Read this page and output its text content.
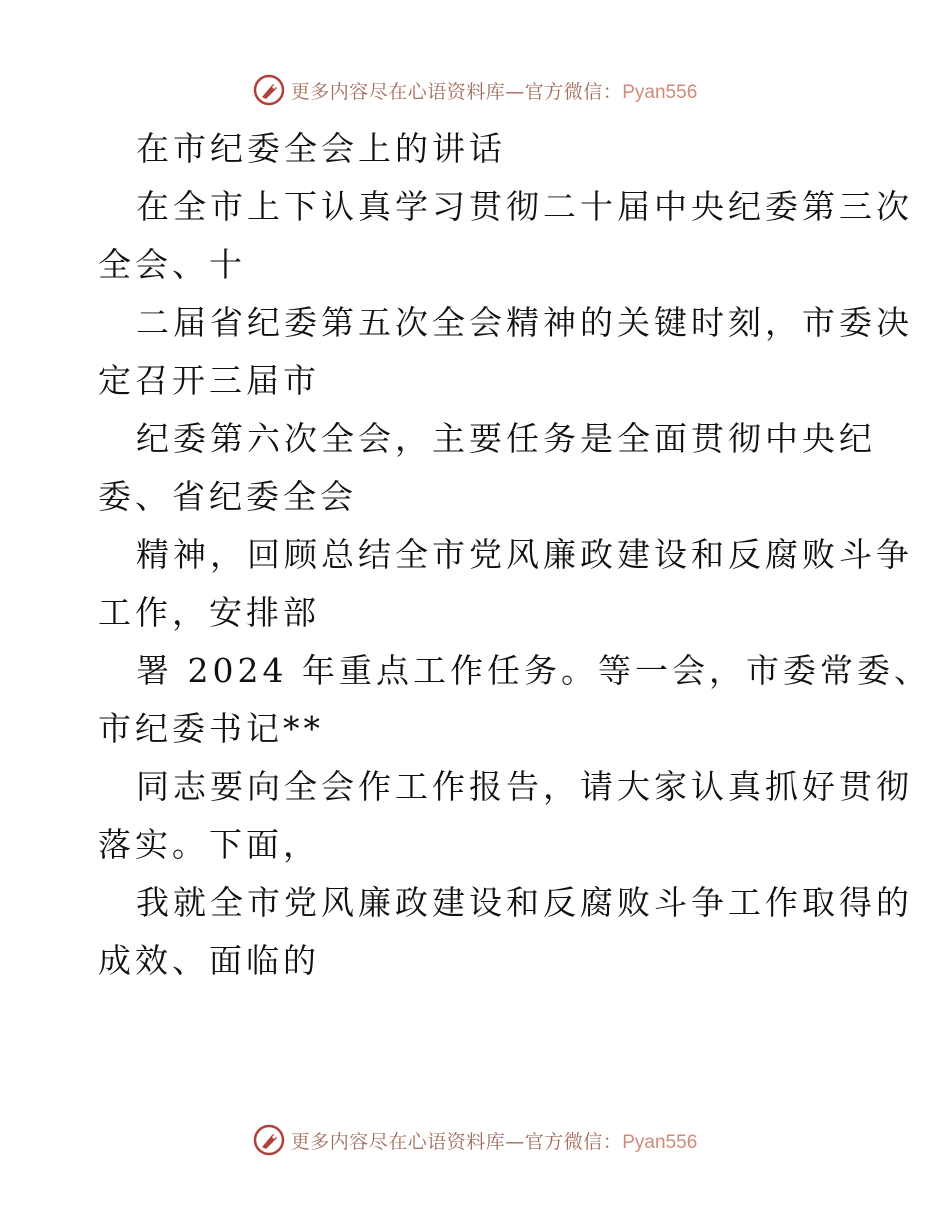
更多内容尽在心语资料库—官方微信：Pyan556
在市纪委全会上的讲话
在全市上下认真学习贯彻二十届中央纪委第三次
全会、十
二届省纪委第五次全会精神的关键时刻，市委决
定召开三届市
纪委第六次全会，主要任务是全面贯彻中央纪
委、省纪委全会
精神，回顾总结全市党风廉政建设和反腐败斗争
工作，安排部
署 2024 年重点工作任务。等一会，市委常委、
市纪委书记**
同志要向全会作工作报告，请大家认真抓好贯彻
落实。下面，
我就全市党风廉政建设和反腐败斗争工作取得的
成效、面临的
更多内容尽在心语资料库—官方微信：Pyan556
